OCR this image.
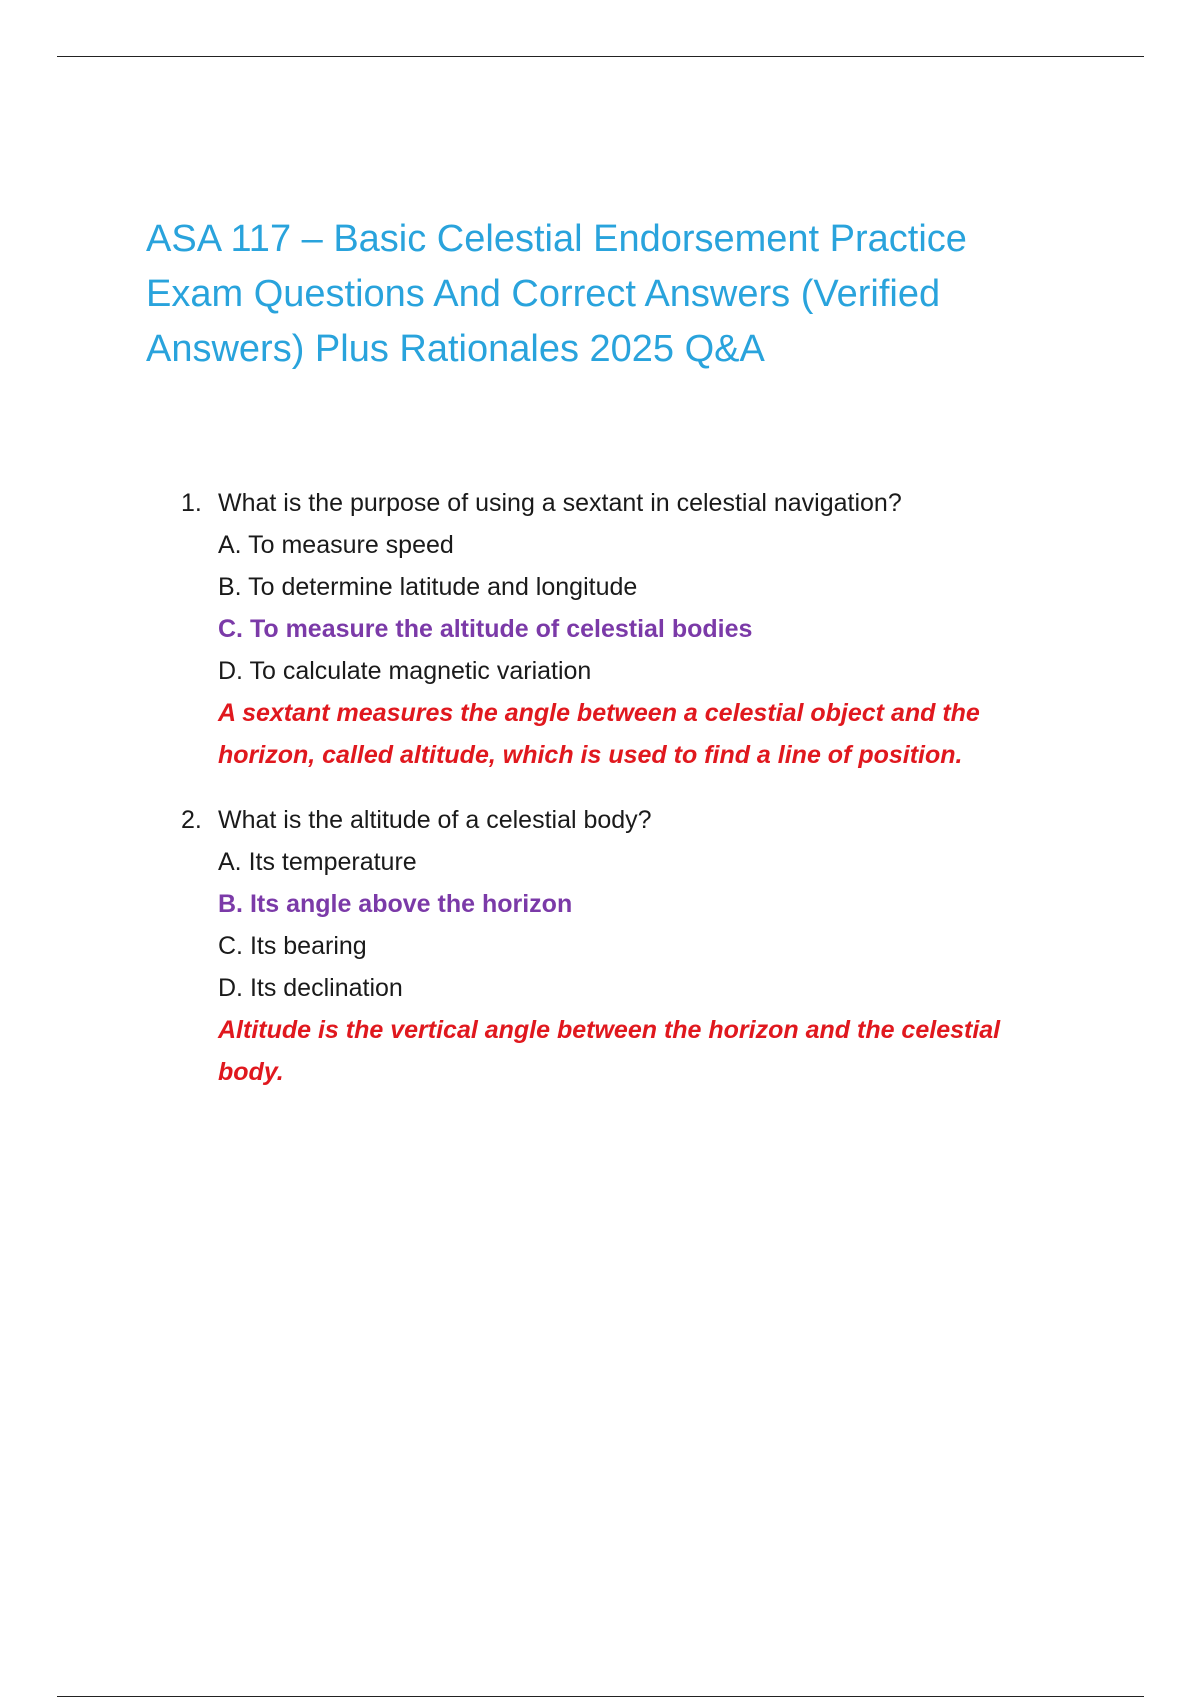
ASA 117 – Basic Celestial Endorsement Practice Exam Questions And Correct Answers (Verified Answers) Plus Rationales 2025 Q&A
1. What is the purpose of using a sextant in celestial navigation?
A. To measure speed
B. To determine latitude and longitude
C. To measure the altitude of celestial bodies
D. To calculate magnetic variation
A sextant measures the angle between a celestial object and the horizon, called altitude, which is used to find a line of position.
2. What is the altitude of a celestial body?
A. Its temperature
B. Its angle above the horizon
C. Its bearing
D. Its declination
Altitude is the vertical angle between the horizon and the celestial body.
